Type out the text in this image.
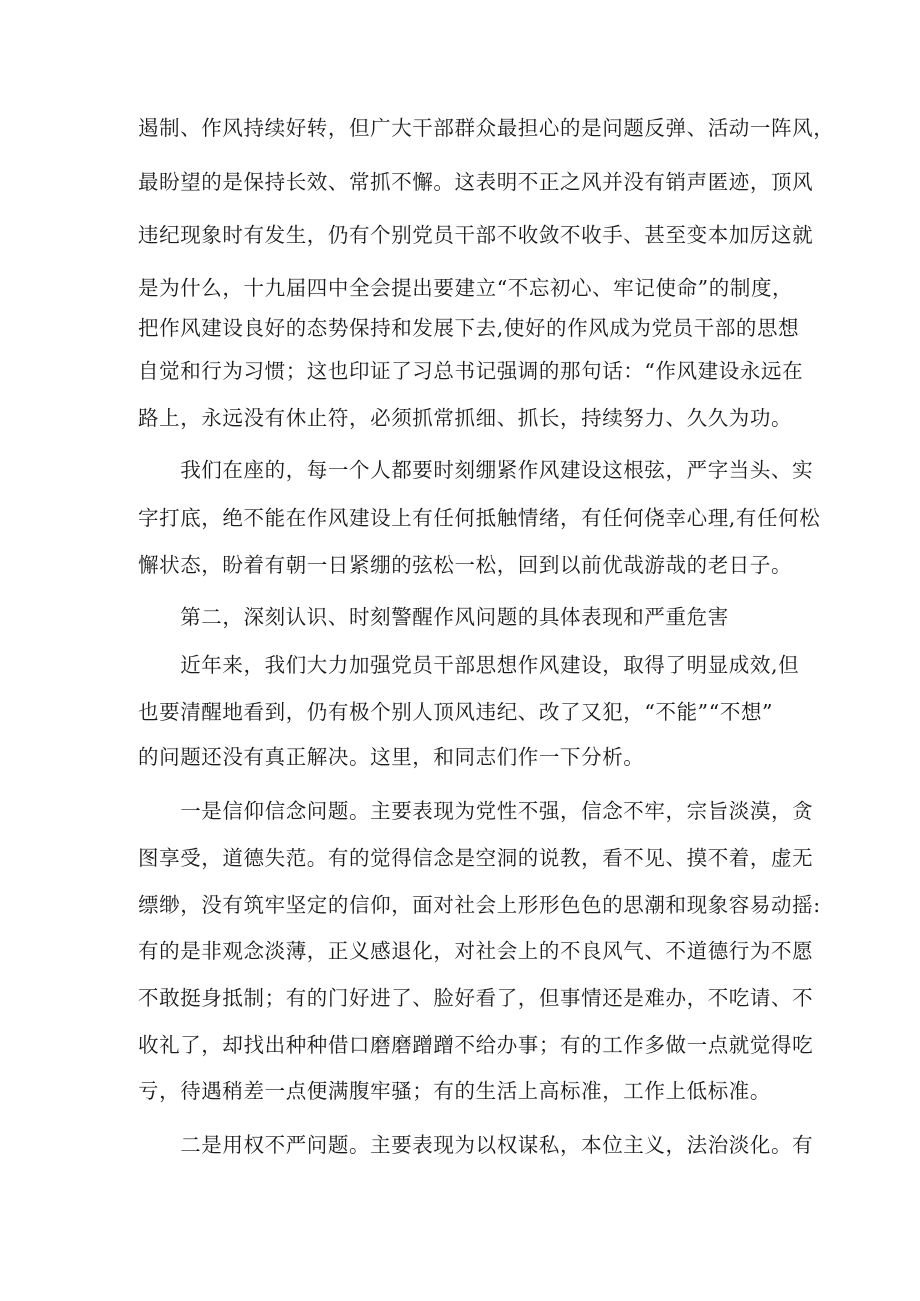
遏制、作风持续好转，但广大干部群众最担心的是问题反弹、活动一阵风，
最盼望的是保持长效、常抓不懈。这表明不正之风并没有销声匿迹，顶风
违纪现象时有发生，仍有个别党员干部不收敛不收手、甚至变本加厉这就
是为什么，十九届四中全会提出要建立“不忘初心、牢记使命”的制度，
把作风建设良好的态势保持和发展下去,使好的作风成为党员干部的思想
自觉和行为习惯；这也印证了习总书记强调的那句话：“作风建设永远在
路上，永远没有休止符，必须抓常抓细、抓长，持续努力、久久为功。
　　我们在座的，每一个人都要时刻绷紧作风建设这根弦，严字当头、实
字打底，绝不能在作风建设上有任何抵触情绪，有任何侥幸心理,有任何松
懈状态，盼着有朝一日紧绷的弦松一松，回到以前优哉游哉的老日子。
　　第二，深刻认识、时刻警醒作风问题的具体表现和严重危害
　　近年来，我们大力加强党员干部思想作风建设，取得了明显成效,但
也要清醒地看到，仍有极个别人顶风违纪、改了又犯，“不能”“不想”
的问题还没有真正解决。这里，和同志们作一下分析。
　　一是信仰信念问题。主要表现为党性不强，信念不牢，宗旨淡漠，贪
图享受，道德失范。有的觉得信念是空洞的说教，看不见、摸不着，虚无
缥缈，没有筑牢坚定的信仰，面对社会上形形色色的思潮和现象容易动摇:
有的是非观念淡薄，正义感退化，对社会上的不良风气、不道德行为不愿
不敢挺身抵制；有的门好进了、脸好看了，但事情还是难办，不吃请、不
收礼了，却找出种种借口磨磨蹭蹭不给办事；有的工作多做一点就觉得吃
亏，待遇稍差一点便满腹牢骚；有的生活上高标准，工作上低标准。
　　二是用权不严问题。主要表现为以权谋私，本位主义，法治淡化。有
